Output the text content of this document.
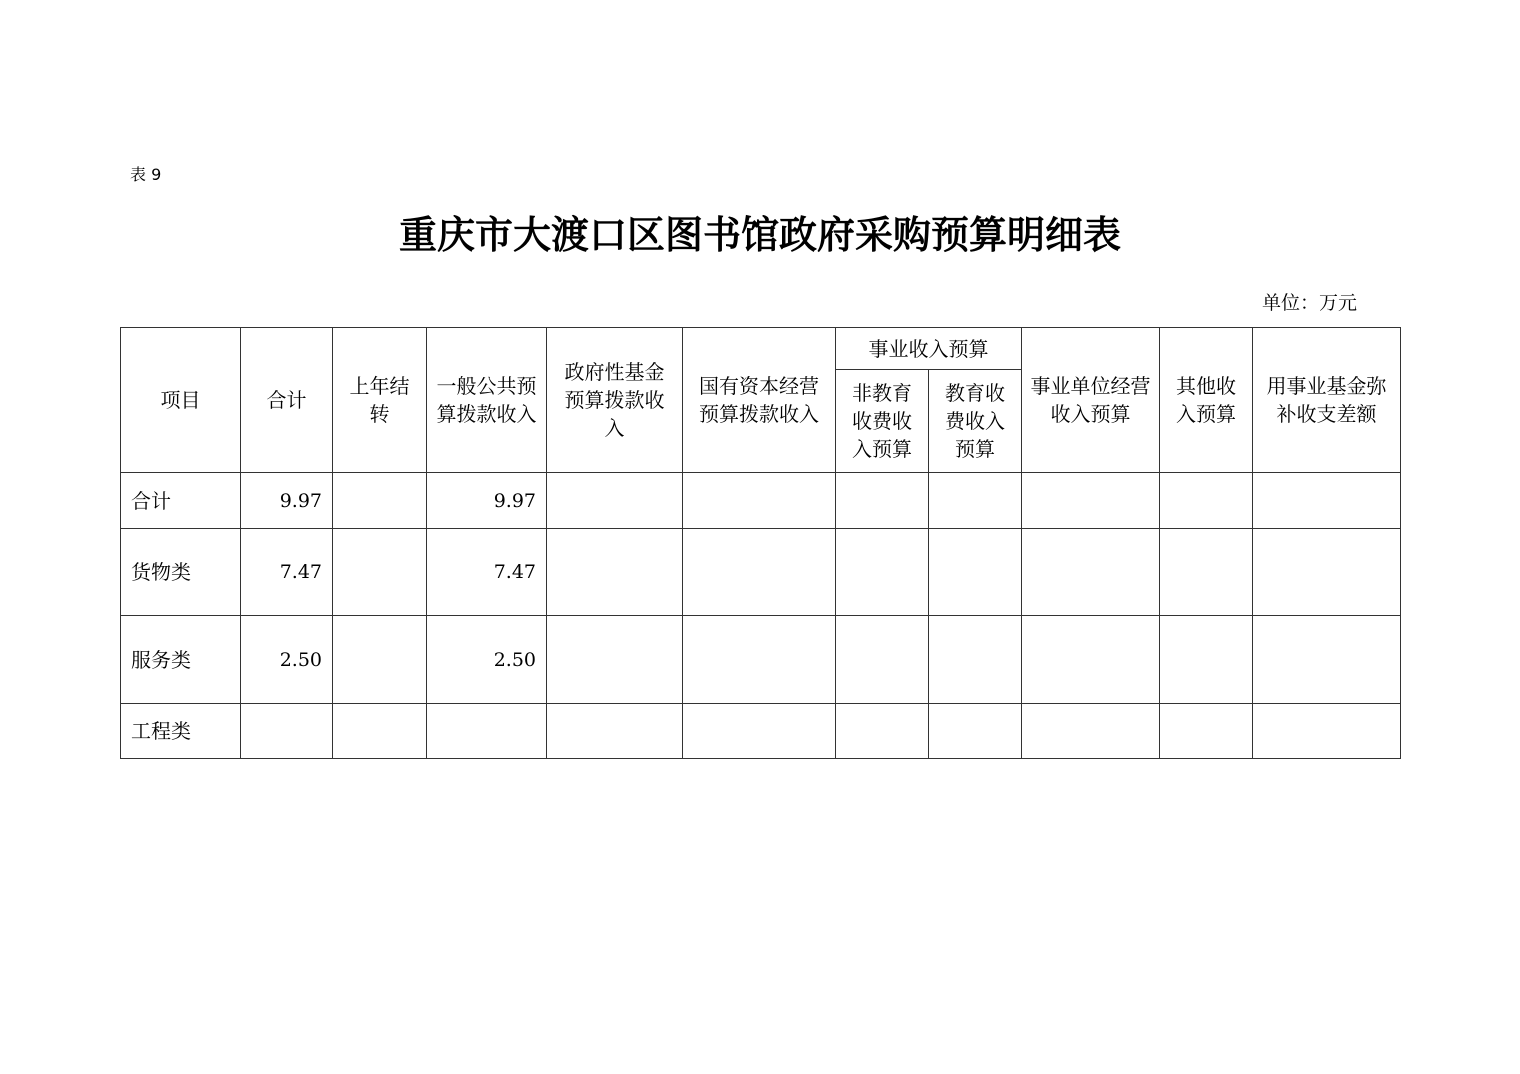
表 9
重庆市大渡口区图书馆政府采购预算明细表
单位：万元
项目	合计	上年结转	一般公共预算拨款收入	政府性基金预算拨款收入	国有资本经营预算拨款收入	事业收入预算		事业单位经营收入预算	其他收入预算	用事业基金弥补收支差额
						非教育收费收入预算	教育收费收入预算			
合计	9.97		9.97							
货物类	7.47		7.47							
服务类	2.50		2.50							
工程类										
